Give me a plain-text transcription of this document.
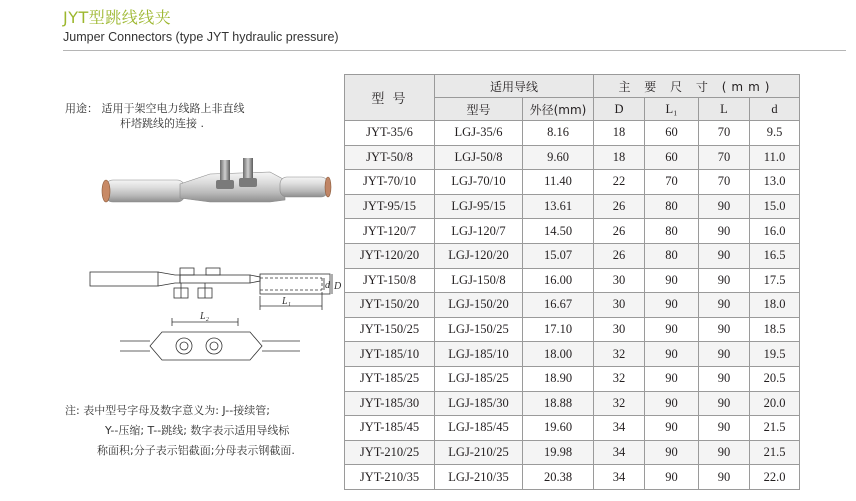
JYT型跳线线夹
Jumper Connectors (type JYT hydraulic pressure)
用途： 适用于架空电力线路上非直线
杆塔跳线的连接 .
L₁
d D
L₂
注: 表中型号字母及数字意义为: J--接续管;
Y--压缩; T--跳线; 数字表示适用导线标
称面积;分子表示铝截面;分母表示钢截面.
型 号	适用导线		主 要 尺 寸 (mm)			
	型号	外径(mm)	D	L₁	L	d
JYT-35/6	LGJ-35/6	8.16	18	60	70	9.5
JYT-50/8	LGJ-50/8	9.60	18	60	70	11.0
JYT-70/10	LGJ-70/10	11.40	22	70	70	13.0
JYT-95/15	LGJ-95/15	13.61	26	80	90	15.0
JYT-120/7	LGJ-120/7	14.50	26	80	90	16.0
JYT-120/20	LGJ-120/20	15.07	26	80	90	16.5
JYT-150/8	LGJ-150/8	16.00	30	90	90	17.5
JYT-150/20	LGJ-150/20	16.67	30	90	90	18.0
JYT-150/25	LGJ-150/25	17.10	30	90	90	18.5
JYT-185/10	LGJ-185/10	18.00	32	90	90	19.5
JYT-185/25	LGJ-185/25	18.90	32	90	90	20.5
JYT-185/30	LGJ-185/30	18.88	32	90	90	20.0
JYT-185/45	LGJ-185/45	19.60	34	90	90	21.5
JYT-210/25	LGJ-210/25	19.98	34	90	90	21.5
JYT-210/35	LGJ-210/35	20.38	34	90	90	22.0
